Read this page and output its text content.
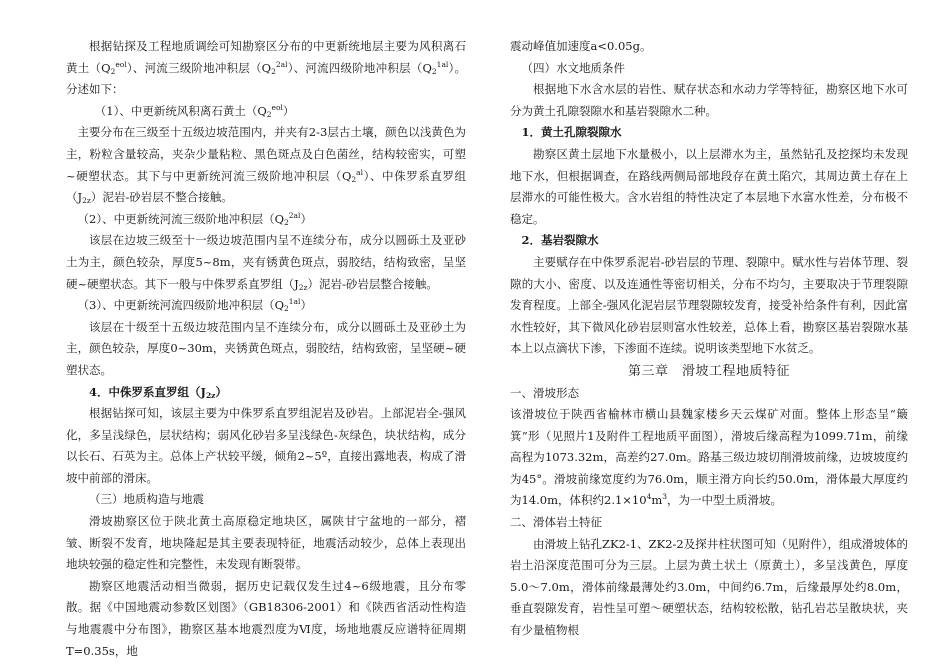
根据钻探及工程地质调绘可知勘察区分布的中更新统地层主要为风积离石黄土$(Q_2^{eol})$、河流三级阶地冲积层$(Q_2^{2al})$、河流四级阶地冲积层$(Q_2^{1al})$。分述如下：

（1）、中更新统风积离石黄土$(Q_2^{eol})$

主要分布在三级至十五级边坡范围内，并夹有2-3层古土壤，颜色以浅黄色为主，粉粒含量较高，夹杂少量粘粒、黑色斑点及白色菌丝，结构较密实，可塑~硬塑状态。其下与中更新统河流三级阶地冲积层$(Q_2^{al})$、中侏罗系直罗组$(J_{2z})$泥岩-砂岩层不整合接触。

（2）、中更新统河流三级阶地冲积层$(Q_2^{2al})$

该层在边坡三级至十一级边坡范围内呈不连续分布，成分以圆砾土及亚砂土为主，颜色较杂，厚度5~8m，夹有锈黄色斑点，弱胶结，结构致密，呈坚硬~硬塑状态。其下一般与中侏罗系直罗组$(J_{2z})$泥岩-砂岩层整合接触。

（3）、中更新统河流四级阶地冲积层$(Q_2^{1al})$

该层在十级至十五级边坡范围内呈不连续分布，成分以圆砾土及亚砂土为主，颜色较杂，厚度0~30m，夹锈黄色斑点，弱胶结，结构致密，呈坚硬~硬塑状态。

4．中侏罗系直罗组$(J_{2z})$

根据钻探可知，该层主要为中侏罗系直罗组泥岩及砂岩。上部泥岩全-强风化，多呈浅绿色，层状结构；弱风化砂岩多呈浅绿色-灰绿色，块状结构，成分以长石、石英为主。总体上产状较平缓，倾角2~5º，直接出露地表，构成了滑坡中前部的滑床。

（三）地质构造与地震

滑坡勘察区位于陕北黄土高原稳定地块区，属陕甘宁盆地的一部分，褶皱、断裂不发育，地块隆起是其主要表现特征，地震活动较少，总体上表现出地块较强的稳定性和完整性，未发现有断裂带。

勘察区地震活动相当微弱，据历史记载仅发生过4~6级地震，且分布零散。据《中国地震动参数区划图》（GB18306-2001）和《陕西省活动性构造与地震震中分布图》，勘察区基本地震烈度为Ⅵ度，场地地震反应谱特征周期T=0.35s，地

震动峰值加速度a<0.05g。

（四）水文地质条件

根据地下水含水层的岩性、赋存状态和水动力学等特征，勘察区地下水可分为黄土孔隙裂隙水和基岩裂隙水二种。

1．黄土孔隙裂隙水

勘察区黄土层地下水量极小，以上层滞水为主，虽然钻孔及挖探均未发现地下水，但根据调查，在路线两侧局部地段存在黄土陷穴，其周边黄土存在上层滞水的可能性极大。含水岩组的特性决定了本层地下水富水性差，分布极不稳定。

2．基岩裂隙水

主要赋存在中侏罗系泥岩-砂岩层的节理、裂隙中。赋水性与岩体节理、裂隙的大小、密度、以及连通性等密切相关，分布不均匀，主要取决于节理裂隙发育程度。上部全-强风化泥岩层节理裂隙较发育，接受补给条件有利，因此富水性较好，其下微风化砂岩层则富水性较差，总体上看，勘察区基岩裂隙水基本上以点滴状下渗，下渗面不连续。说明该类型地下水贫乏。

第三章　滑坡工程地质特征

一、滑坡形态

该滑坡位于陕西省榆林市横山县魏家楼乡天云煤矿对面。整体上形态呈“簸箕”形（见照片1及附件工程地质平面图），滑坡后缘高程为1099.71m，前缘高程为1073.32m，高差约27.0m。路基三级边坡切削滑坡前缘，边坡坡度约为45°。滑坡前缘宽度约为76.0m，顺主滑方向长约50.0m，滑体最大厚度约为14.0m，体积约$2.1\times 10^4m^3$，为一中型土质滑坡。

二、滑体岩土特征

由滑坡上钻孔ZK2-1、ZK2-2及探井柱状图可知（见附件），组成滑坡体的岩土沿深度范围可分为三层。上层为黄土状土（原黄土），多呈浅黄色，厚度5.0～7.0m，滑体前缘最薄处约3.0m，中间约6.7m，后缘最厚处约8.0m，垂直裂隙发育，岩性呈可塑～硬塑状态，结构较松散，钻孔岩芯呈散块状，夹有少量植物根
